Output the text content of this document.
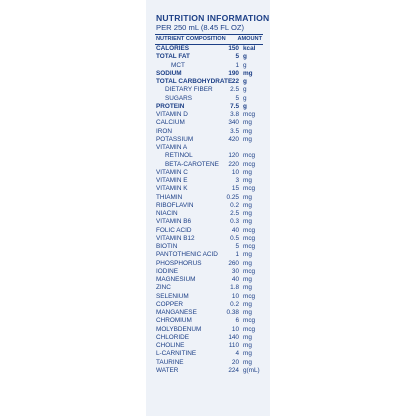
NUTRITION INFORMATION
PER 250 mL (8.45 FL OZ)
NUTRIENT COMPOSITION AMOUNT
CALORIES	150 kcal
TOTAL FAT	5 g
MCT	1 g
SODIUM	190 mg
TOTAL CARBOHYDRATE 22 g
DIETARY FIBER	2.5 g
SUGARS	5 g
PROTEIN	7.5 g
VITAMIN D	3.8 mcg
CALCIUM	340 mg
IRON	3.5 mg
POTASSIUM	420 mg
VITAMIN A
RETINOL	120 mcg
BETA-CAROTENE 220 mcg
VITAMIN C	10 mg
VITAMIN E	3 mg
VITAMIN K	15 mcg
THIAMIN	0.25 mg
RIBOFLAVIN	0.2 mg
NIACIN	2.5 mg
VITAMIN B6	0.3 mg
FOLIC ACID	40 mcg
VITAMIN B12	0.5 mcg
BIOTIN	5 mcg
PANTOTHENIC ACID	1 mg
PHOSPHORUS	260 mg
IODINE	30 mcg
MAGNESIUM	40 mg
ZINC	1.8 mg
SELENIUM	10 mcg
COPPER	0.2 mg
MANGANESE	0.38 mg
CHROMIUM	6 mcg
MOLYBDENUM	10 mcg
CHLORIDE	140 mg
CHOLINE	110 mg
L-CARNITINE	4 mg
TAURINE	20 mg
WATER	224 g(mL)
